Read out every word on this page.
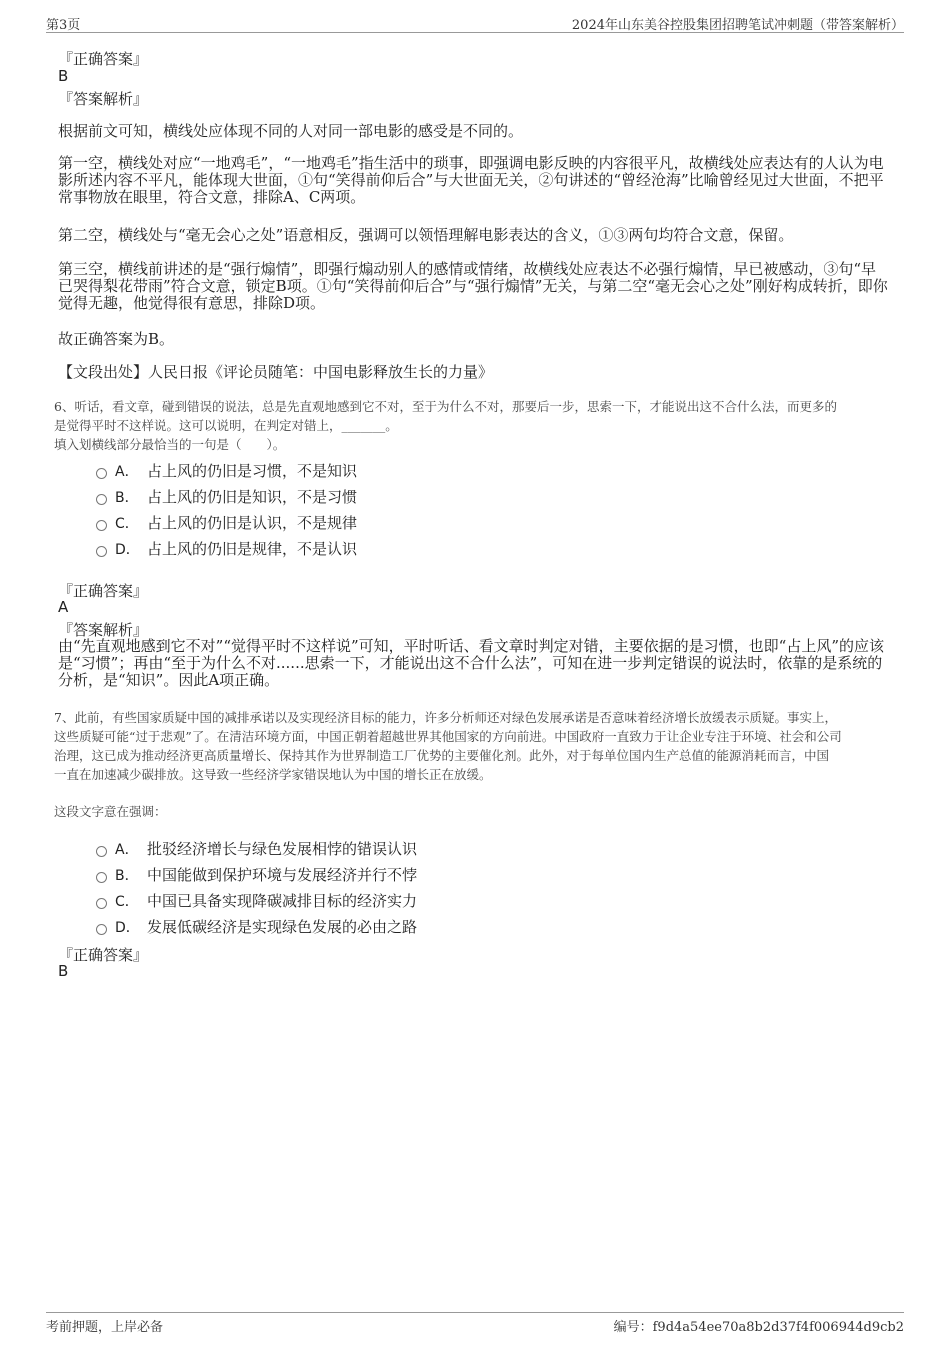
第3页	2024年山东美谷控股集团招聘笔试冲刺题（带答案解析）
『正确答案』
B
『答案解析』
根据前文可知，横线处应体现不同的人对同一部电影的感受是不同的。
第一空，横线处对应“一地鸡毛”，“一地鸡毛”指生活中的琐事，即强调电影反映的内容很平凡，故横线处应表达有的人认为电
影所述内容不平凡，能体现大世面，①句“笑得前仰后合”与大世面无关，②句讲述的“曾经沧海”比喻曾经见过大世面，不把平
常事物放在眼里，符合文意，排除A、C两项。
第二空，横线处与“毫无会心之处”语意相反，强调可以领悟理解电影表达的含义，①③两句均符合文意，保留。
第三空，横线前讲述的是“强行煽情”，即强行煽动别人的感情或情绪，故横线处应表达不必强行煽情，早已被感动，③句“早
已哭得梨花带雨”符合文意，锁定B项。①句“笑得前仰后合”与“强行煽情”无关，与第二空“毫无会心之处”刚好构成转折，即你
觉得无趣，他觉得很有意思，排除D项。
故正确答案为B。
【文段出处】人民日报《评论员随笔：中国电影释放生长的力量》
6、听话，看文章，碰到错误的说法，总是先直观地感到它不对，至于为什么不对，那要后一步，思索一下，才能说出这不合什么法，而更多的
是觉得平时不这样说。这可以说明，在判定对错上，_______。
填入划横线部分最恰当的一句是（　　）。
A． 占上风的仍旧是习惯，不是知识
B． 占上风的仍旧是知识，不是习惯
C． 占上风的仍旧是认识，不是规律
D． 占上风的仍旧是规律，不是认识
『正确答案』
A
『答案解析』
由“先直观地感到它不对”“觉得平时不这样说”可知，平时听话、看文章时判定对错，主要依据的是习惯，也即“占上风”的应该
是“习惯”；再由“至于为什么不对......思索一下，才能说出这不合什么法”，可知在进一步判定错误的说法时，依靠的是系统的
分析，是“知识”。因此A项正确。
7、此前，有些国家质疑中国的减排承诺以及实现经济目标的能力，许多分析师还对绿色发展承诺是否意味着经济增长放缓表示质疑。事实上，
这些质疑可能“过于悲观”了。在清洁环境方面，中国正朝着超越世界其他国家的方向前进。中国政府一直致力于让企业专注于环境、社会和公司
治理，这已成为推动经济更高质量增长、保持其作为世界制造工厂优势的主要催化剂。此外，对于每单位国内生产总值的能源消耗而言，中国
一直在加速减少碳排放。这导致一些经济学家错误地认为中国的增长正在放缓。
这段文字意在强调：
A． 批驳经济增长与绿色发展相悖的错误认识
B． 中国能做到保护环境与发展经济并行不悖
C． 中国已具备实现降碳减排目标的经济实力
D． 发展低碳经济是实现绿色发展的必由之路
『正确答案』
B
考前押题，上岸必备	编号：f9d4a54ee70a8b2d37f4f006944d9cb2
